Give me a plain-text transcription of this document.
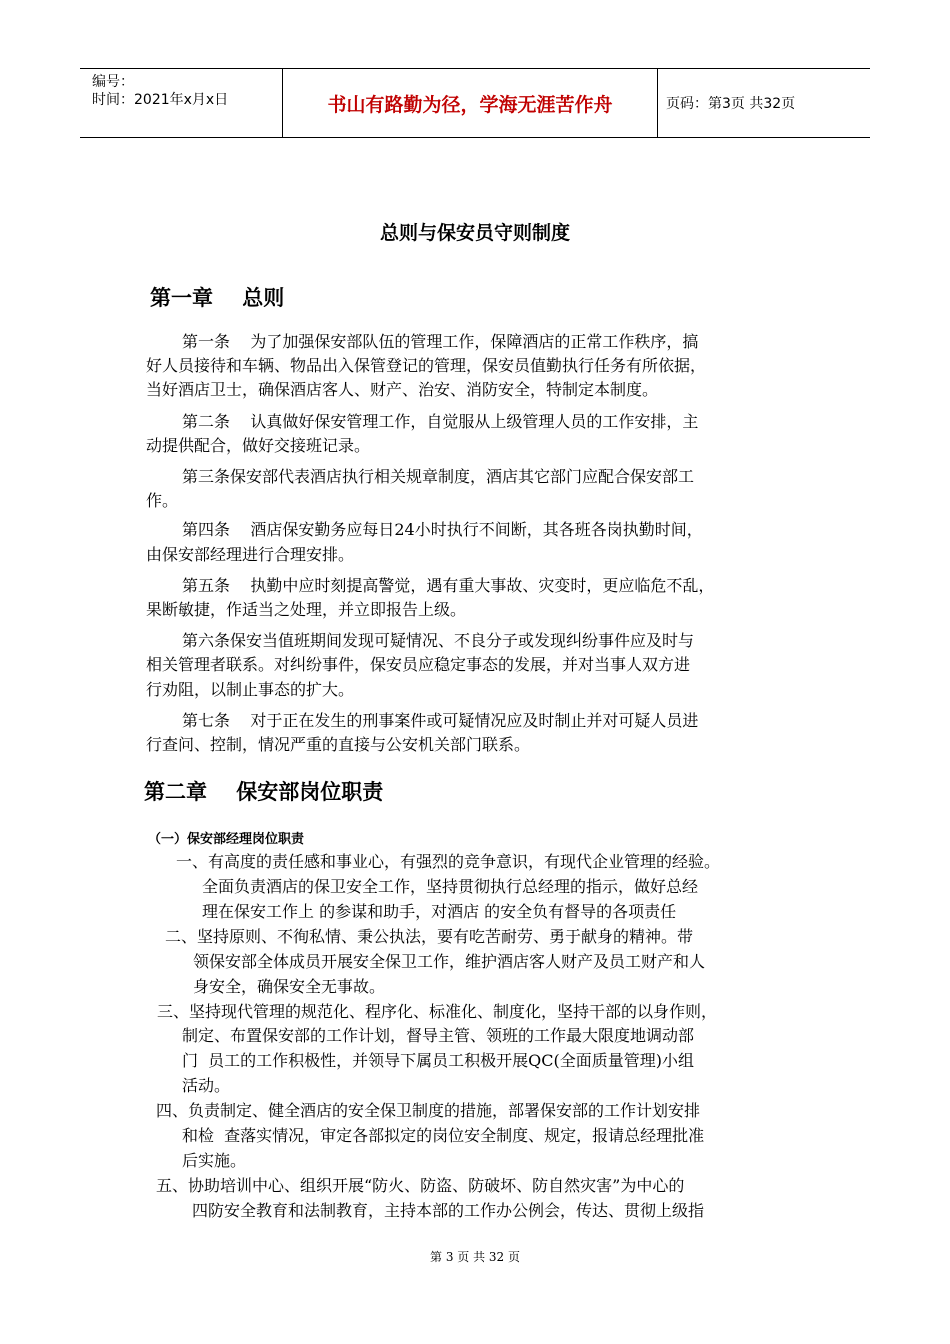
编号：
时间：2021年x月x日	书山有路勤为径，学海无涯苦作舟	页码：第3页 共32页
总则与保安员守则制度
第一章    总则
第一条    为了加强保安部队伍的管理工作，保障酒店的正常工作秩序，搞
好人员接待和车辆、物品出入保管登记的管理，保安员值勤执行任务有所依据，
当好酒店卫士，确保酒店客人、财产、治安、消防安全，特制定本制度。
第二条    认真做好保安管理工作，自觉服从上级管理人员的工作安排，主
动提供配合，做好交接班记录。
第三条保安部代表酒店执行相关规章制度，酒店其它部门应配合保安部工
作。
第四条    酒店保安勤务应每日24小时执行不间断，其各班各岗执勤时间，
由保安部经理进行合理安排。
第五条    执勤中应时刻提高警觉，遇有重大事故、灾变时，更应临危不乱，
果断敏捷，作适当之处理，并立即报告上级。
第六条保安当值班期间发现可疑情况、不良分子或发现纠纷事件应及时与
相关管理者联系。对纠纷事件，保安员应稳定事态的发展，并对当事人双方进
行劝阻，以制止事态的扩大。
第七条    对于正在发生的刑事案件或可疑情况应及时制止并对可疑人员进
行查问、控制，情况严重的直接与公安机关部门联系。
第二章    保安部岗位职责
（一）保安部经理岗位职责
一、有高度的责任感和事业心，有强烈的竞争意识，有现代企业管理的经验。
全面负责酒店的保卫安全工作，坚持贯彻执行总经理的指示，做好总经
理在保安工作上 的参谋和助手，对酒店 的安全负有督导的各项责任
二、坚持原则、不徇私情、秉公执法，要有吃苦耐劳、勇于献身的精神。带
领保安部全体成员开展安全保卫工作，维护酒店客人财产及员工财产和人
身安全，确保安全无事故。
三、坚持现代管理的规范化、程序化、标准化、制度化，坚持干部的以身作则，
制定、布置保安部的工作计划，督导主管、领班的工作最大限度地调动部
门  员工的工作积极性，并领导下属员工积极开展QC(全面质量管理)小组
活动。
四、负责制定、健全酒店的安全保卫制度的措施，部署保安部的工作计划安排
和检  查落实情况，审定各部拟定的岗位安全制度、规定，报请总经理批准
后实施。
五、协助培训中心、组织开展“防火、防盗、防破坏、防自然灾害”为中心的
四防安全教育和法制教育，主持本部的工作办公例会，传达、贯彻上级指
第 3 页 共 32 页
